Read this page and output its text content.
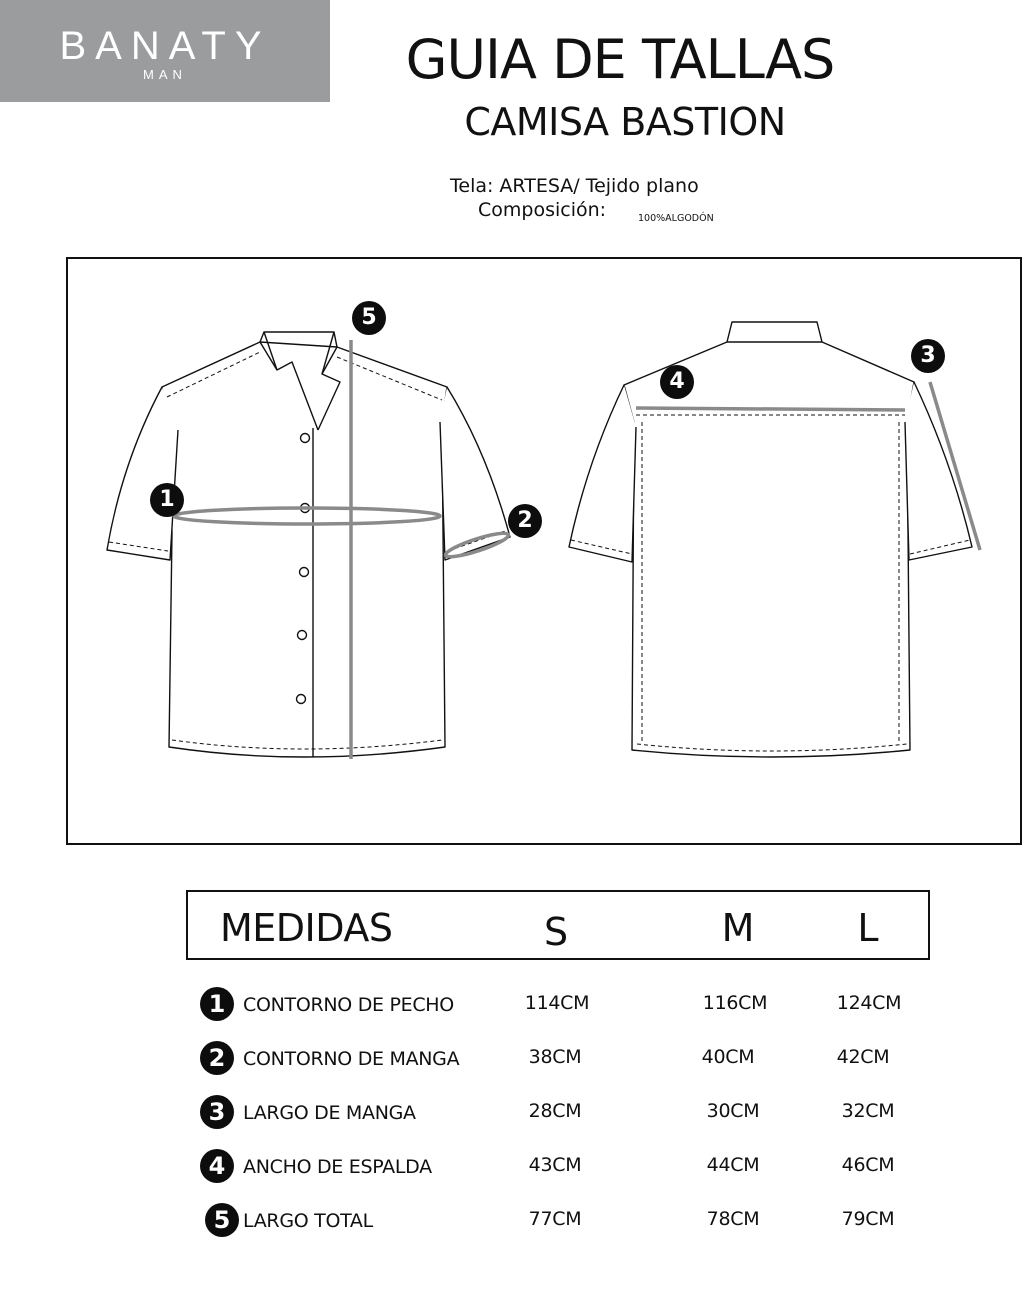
BANATY
MAN	GUIA DE TALLAS
CAMISA BASTION
Tela: ARTESA/ Tejido plano
Composición:	100%ALGODÓN
1
2
3
4
5
MEDIDAS	S	M	L
1 CONTORNO DE PECHO	114CM	116CM	124CM
2 CONTORNO DE MANGA	38CM	40CM	42CM
3 LARGO DE MANGA	28CM	30CM	32CM
4 ANCHO DE ESPALDA	43CM	44CM	46CM
5 LARGO TOTAL	77CM	78CM	79CM
